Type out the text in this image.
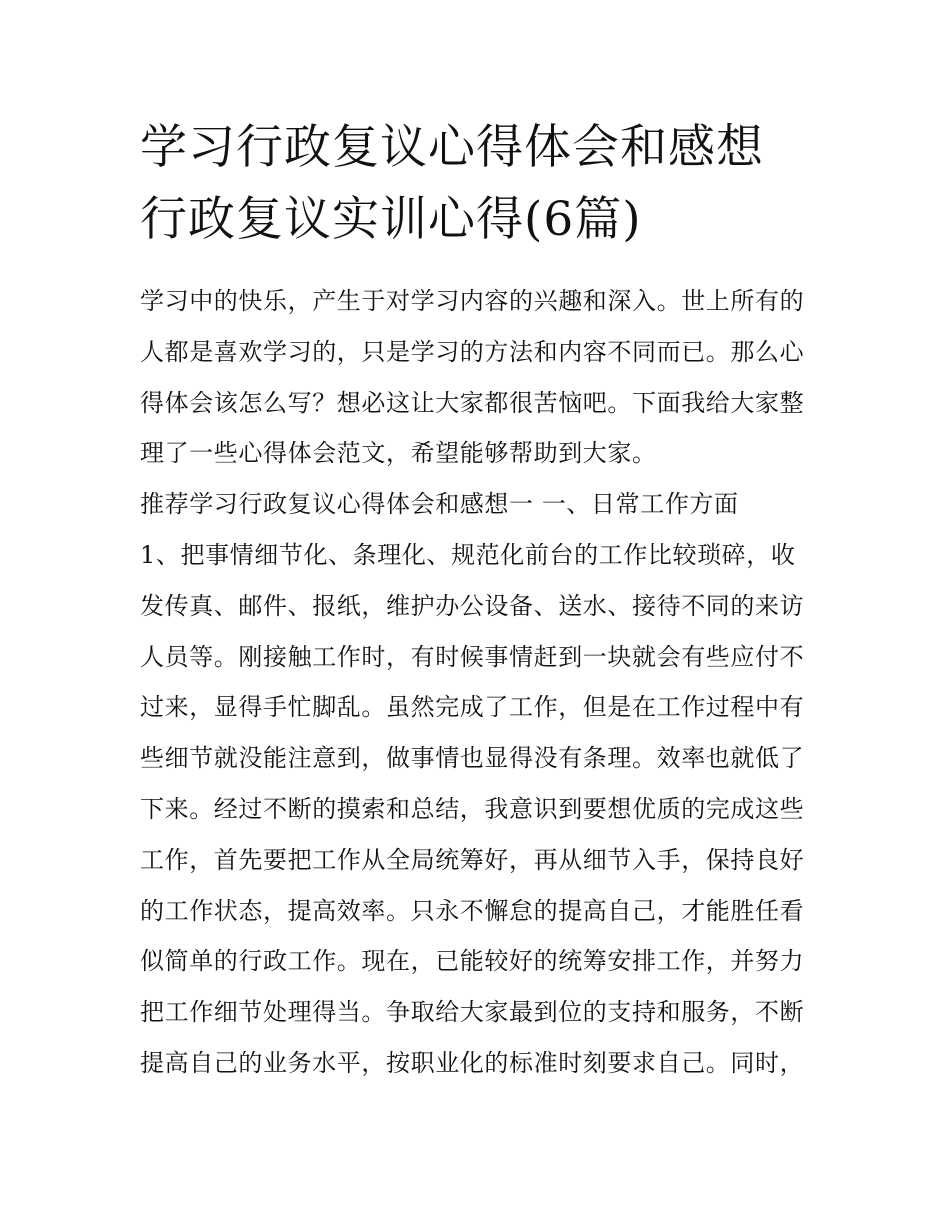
学习行政复议心得体会和感想
行政复议实训心得(6篇)
学习中的快乐，产生于对学习内容的兴趣和深入。世上所有的
人都是喜欢学习的，只是学习的方法和内容不同而已。那么心
得体会该怎么写？想必这让大家都很苦恼吧。下面我给大家整
理了一些心得体会范文，希望能够帮助到大家。
推荐学习行政复议心得体会和感想一 一、日常工作方面
1、把事情细节化、条理化、规范化前台的工作比较琐碎，收
发传真、邮件、报纸，维护办公设备、送水、接待不同的来访
人员等。刚接触工作时，有时候事情赶到一块就会有些应付不
过来，显得手忙脚乱。虽然完成了工作，但是在工作过程中有
些细节就没能注意到，做事情也显得没有条理。效率也就低了
下来。经过不断的摸索和总结，我意识到要想优质的完成这些
工作，首先要把工作从全局统筹好，再从细节入手，保持良好
的工作状态，提高效率。只永不懈怠的提高自己，才能胜任看
似简单的行政工作。现在，已能较好的统筹安排工作，并努力
把工作细节处理得当。争取给大家最到位的支持和服务，不断
提高自己的业务水平，按职业化的标准时刻要求自己。同时，
